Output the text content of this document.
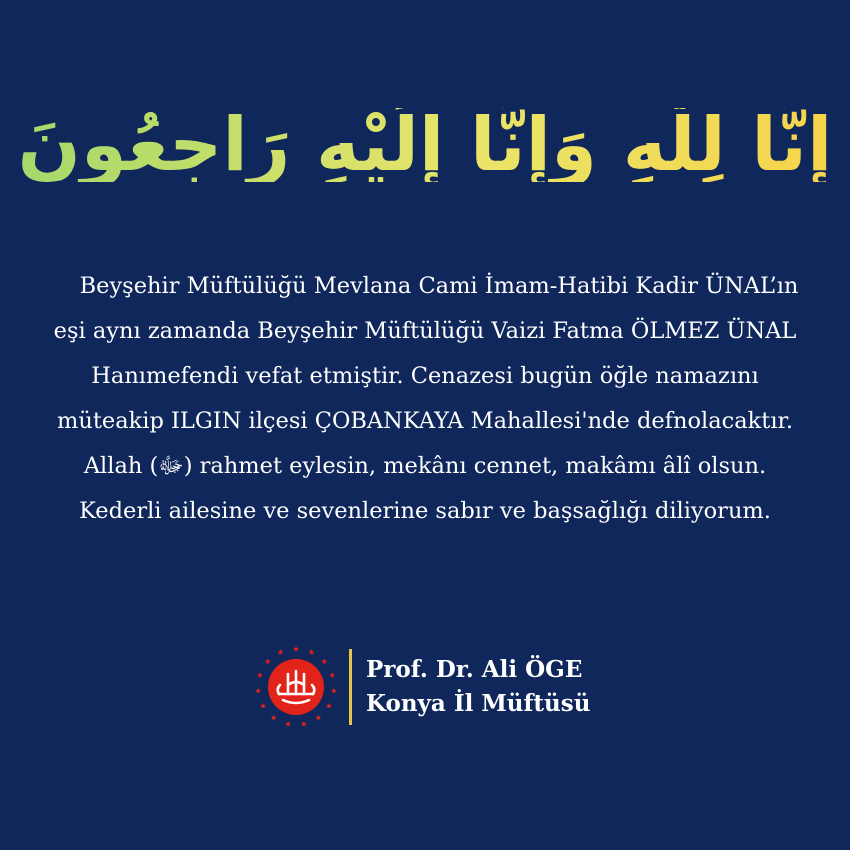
إِنَّا لِلّٰهِ وَإِنَّا إِلَيْهِ رَاجِعُونَ

Beyşehir Müftülüğü Mevlana Cami İmam-Hatibi Kadir ÜNAL’ın eşi aynı zamanda Beyşehir Müftülüğü Vaizi Fatma ÖLMEZ ÜNAL Hanımefendi vefat etmiştir. Cenazesi bugün öğle namazını müteakip ILGIN ilçesi ÇOBANKAYA Mahallesi'nde defnolacaktır. Allah (ﷻ) rahmet eylesin, mekânı cennet, makâmı âlî olsun. Kederli ailesine ve sevenlerine sabır ve başsağlığı diliyorum.

Prof. Dr. Ali ÖGE
Konya İl Müftüsü
